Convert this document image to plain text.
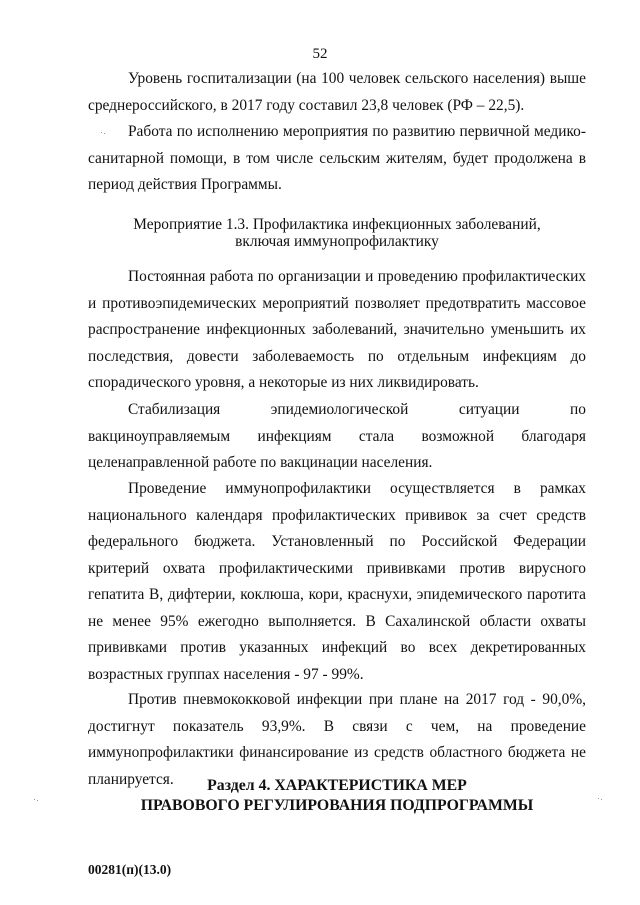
52

Уровень госпитализации (на 100 человек сельского населения) выше среднероссийского, в 2017 году составил 23,8 человек (РФ – 22,5).

Работа по исполнению мероприятия по развитию первичной медико-санитарной помощи, в том числе сельским жителям, будет продолжена в период действия Программы.

Мероприятие 1.3. Профилактика инфекционных заболеваний,
включая иммунопрофилактику

Постоянная работа по организации и проведению профилактических и противоэпидемических мероприятий позволяет предотвратить массовое распространение инфекционных заболеваний, значительно уменьшить их последствия, довести заболеваемость по отдельным инфекциям до спорадического уровня, а некоторые из них ликвидировать.

Стабилизация эпидемиологической ситуации по вакциноуправляемым инфекциям стала возможной благодаря целенаправленной работе по вакцинации населения.

Проведение иммунопрофилактики осуществляется в рамках национального календаря профилактических прививок за счет средств федерального бюджета. Установленный по Российской Федерации критерий охвата профилактическими прививками против вирусного гепатита В, дифтерии, коклюша, кори, краснухи, эпидемического паротита не менее 95% ежегодно выполняется. В Сахалинской области охваты прививками против указанных инфекций во всех декретированных возрастных группах населения - 97 - 99%.

Против пневмококковой инфекции при плане на 2017 год - 90,0%, достигнут показатель 93,9%. В связи с чем, на проведение иммунопрофилактики финансирование из средств областного бюджета не планируется.	Раздел 4. ХАРАКТЕРИСТИКА МЕР
ПРАВОВОГО РЕГУЛИРОВАНИЯ ПОДПРОГРАММЫ
00281(п)(13.0)
